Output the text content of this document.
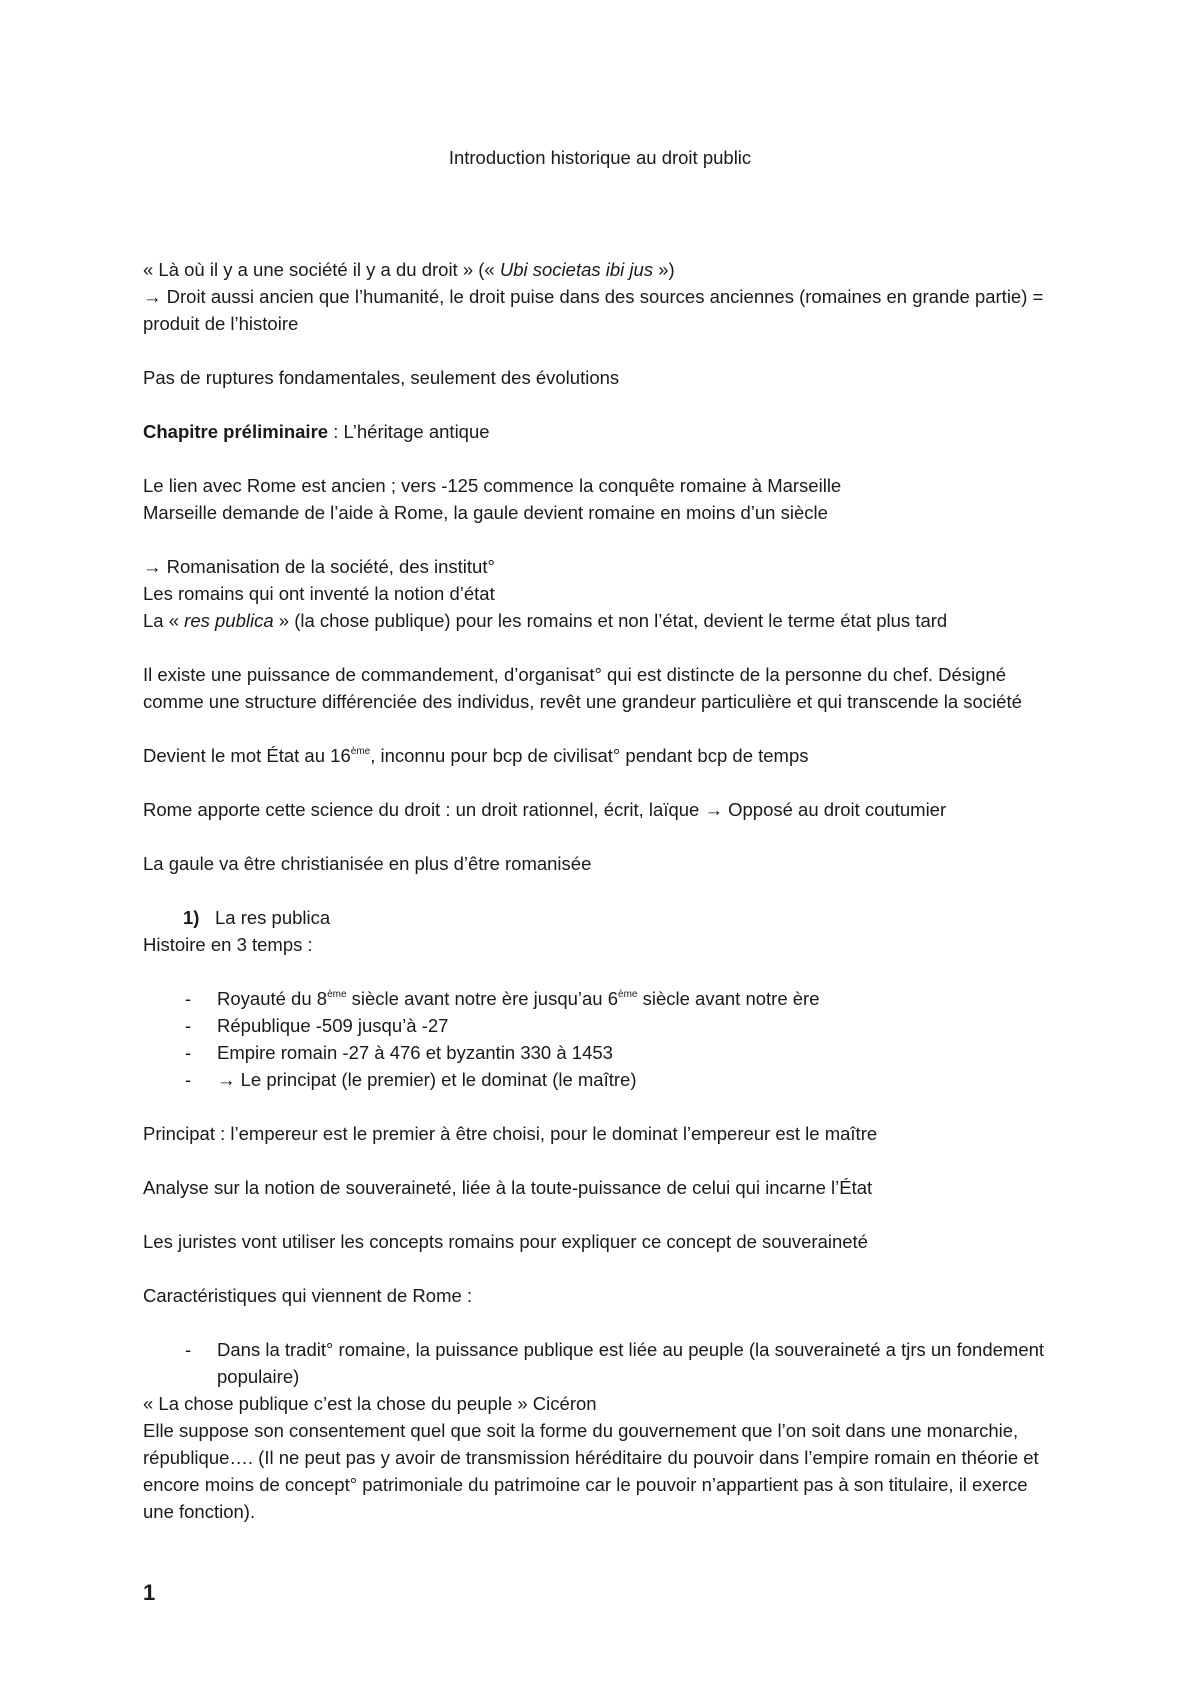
Introduction historique au droit public

« Là où il y a une société il y a du droit » (« Ubi societas ibi jus »)

→ Droit aussi ancien que l’humanité, le droit puise dans des sources anciennes (romaines en grande partie) = produit de l’histoire

Pas de ruptures fondamentales, seulement des évolutions

Chapitre préliminaire : L’héritage antique

Le lien avec Rome est ancien ; vers -125 commence la conquête romaine à Marseille

Marseille demande de l’aide à Rome, la gaule devient romaine en moins d’un siècle

→ Romanisation de la société, des institut°

Les romains qui ont inventé la notion d’état

La « res publica » (la chose publique) pour les romains et non l’état, devient le terme état plus tard

Il existe une puissance de commandement, d’organisat° qui est distincte de la personne du chef. Désigné comme une structure différenciée des individus, revêt une grandeur particulière et qui transcende la société

Devient le mot État au 16ème, inconnu pour bcp de civilisat° pendant bcp de temps

Rome apporte cette science du droit : un droit rationnel, écrit, laïque → Opposé au droit coutumier

La gaule va être christianisée en plus d’être romanisée

1) La res publica

Histoire en 3 temps :

- Royauté du 8ème siècle avant notre ère jusqu’au 6ème siècle avant notre ère
- République -509 jusqu’à -27
- Empire romain -27 à 476 et byzantin 330 à 1453
- → Le principat (le premier) et le dominat (le maître)

Principat : l’empereur est le premier à être choisi, pour le dominat l’empereur est le maître

Analyse sur la notion de souveraineté, liée à la toute-puissance de celui qui incarne l’État

Les juristes vont utiliser les concepts romains pour expliquer ce concept de souveraineté

Caractéristiques qui viennent de Rome :

- Dans la tradit° romaine, la puissance publique est liée au peuple (la souveraineté a tjrs un fondement populaire)

« La chose publique c’est la chose du peuple » Cicéron

Elle suppose son consentement quel que soit la forme du gouvernement que l’on soit dans une monarchie, république…. (Il ne peut pas y avoir de transmission héréditaire du pouvoir dans l’empire romain en théorie et encore moins de concept° patrimoniale du patrimoine car le pouvoir n’appartient pas à son titulaire, il exerce une fonction).

1
